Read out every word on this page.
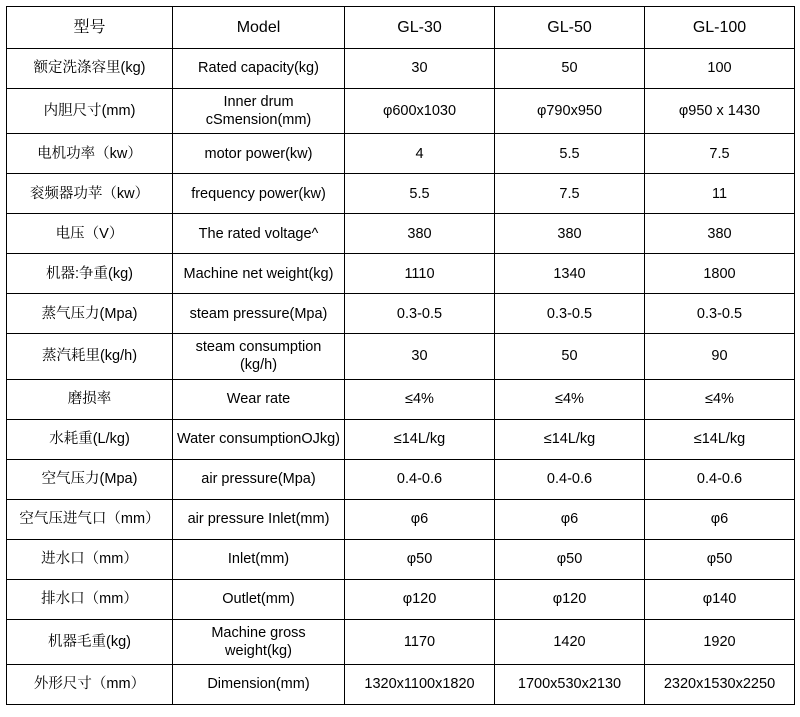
型号	Model	GL-30	GL-50	GL-100
额定洗涤容里(kg)	Rated capacity(kg)	30	50	100
内胆尺寸(mm)	Inner drum cSmension(mm)	φ600x1030	φ790x950	φ950 x 1430
电机功率（kw）	motor power(kw)	4	5.5	7.5
衮频器功苹（kw）	frequency power(kw)	5.5	7.5	11
电压（V）	The rated voltage^	380	380	380
机器:争重(kg)	Machine net weight(kg)	1110	1340	1800
蒸气压力(Mpa)	steam pressure(Mpa)	0.3-0.5	0.3-0.5	0.3-0.5
蒸汽耗里(kg/h)	steam consumption (kg/h)	30	50	90
磨损率	Wear rate	≤4%	≤4%	≤4%
水耗重(L/kg)	Water consumptionOJkg)	≤14L/kg	≤14L/kg	≤14L/kg
空气压力(Mpa)	air pressure(Mpa)	0.4-0.6	0.4-0.6	0.4-0.6
空气压进气口（mm）	air pressure Inlet(mm)	φ6	φ6	φ6
进水口（mm）	Inlet(mm)	φ50	φ50	φ50
排水口（mm）	Outlet(mm)	φ120	φ120	φ140
机器毛重(kg)	Machine gross weight(kg)	1170	1420	1920
外形尺寸（mm）	Dimension(mm)	1320x1100x1820	1700x530x2130	2320x1530x2250
